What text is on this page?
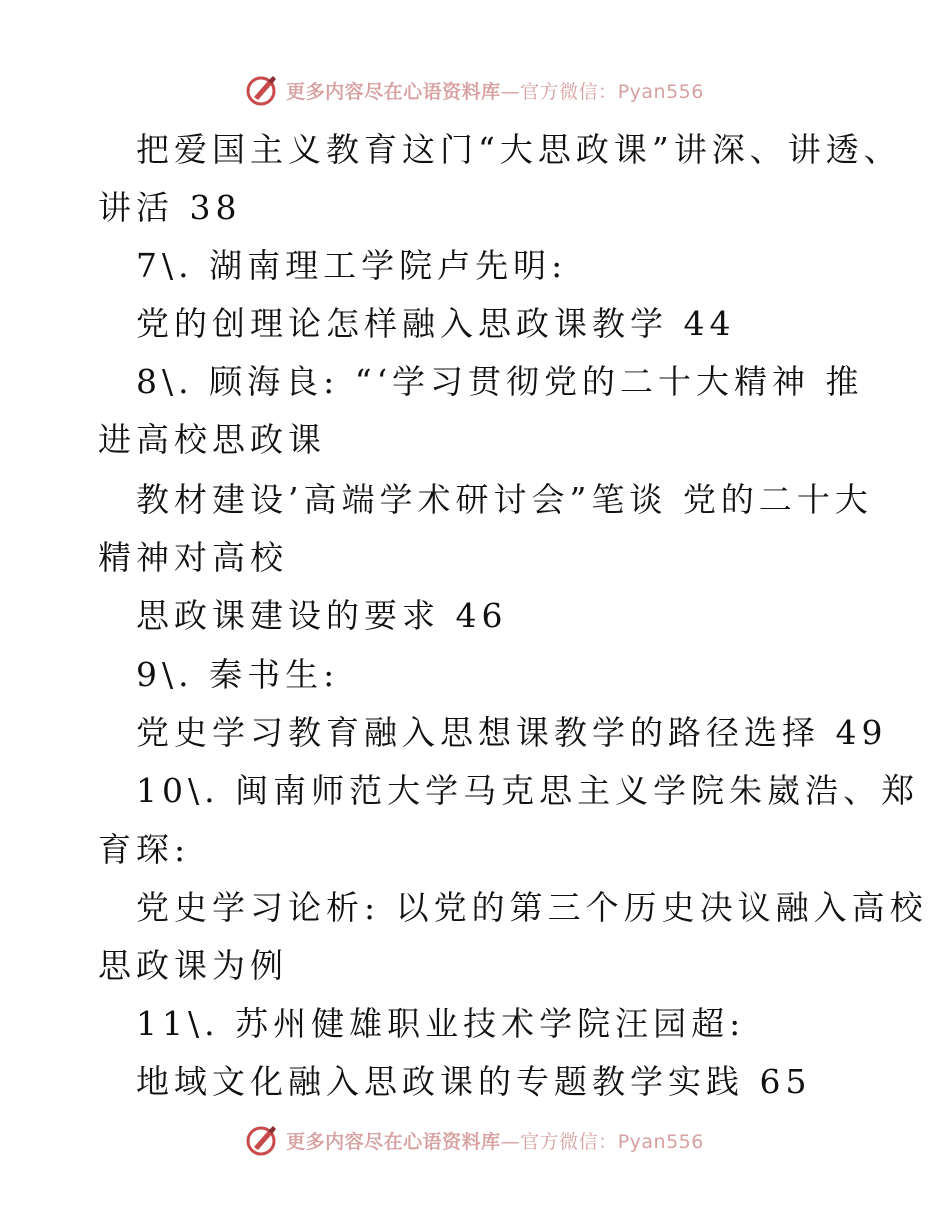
更多内容尽在心语资料库—官方微信：Pyan556
把爱国主义教育这门“大思政课”讲深、讲透、
讲活 38
7\. 湖南理工学院卢先明:
党的创理论怎样融入思政课教学 44
8\. 顾海良: “‘学习贯彻党的二十大精神 推
进高校思政课
教材建设’高端学术研讨会”笔谈 党的二十大
精神对高校
思政课建设的要求 46
9\. 秦书生:
党史学习教育融入思想课教学的路径选择 49
10\. 闽南师范大学马克思主义学院朱崴浩、郑
育琛:
党史学习论析: 以党的第三个历史决议融入高校
思政课为例
11\. 苏州健雄职业技术学院汪园超:
地域文化融入思政课的专题教学实践 65
更多内容尽在心语资料库—官方微信：Pyan556
